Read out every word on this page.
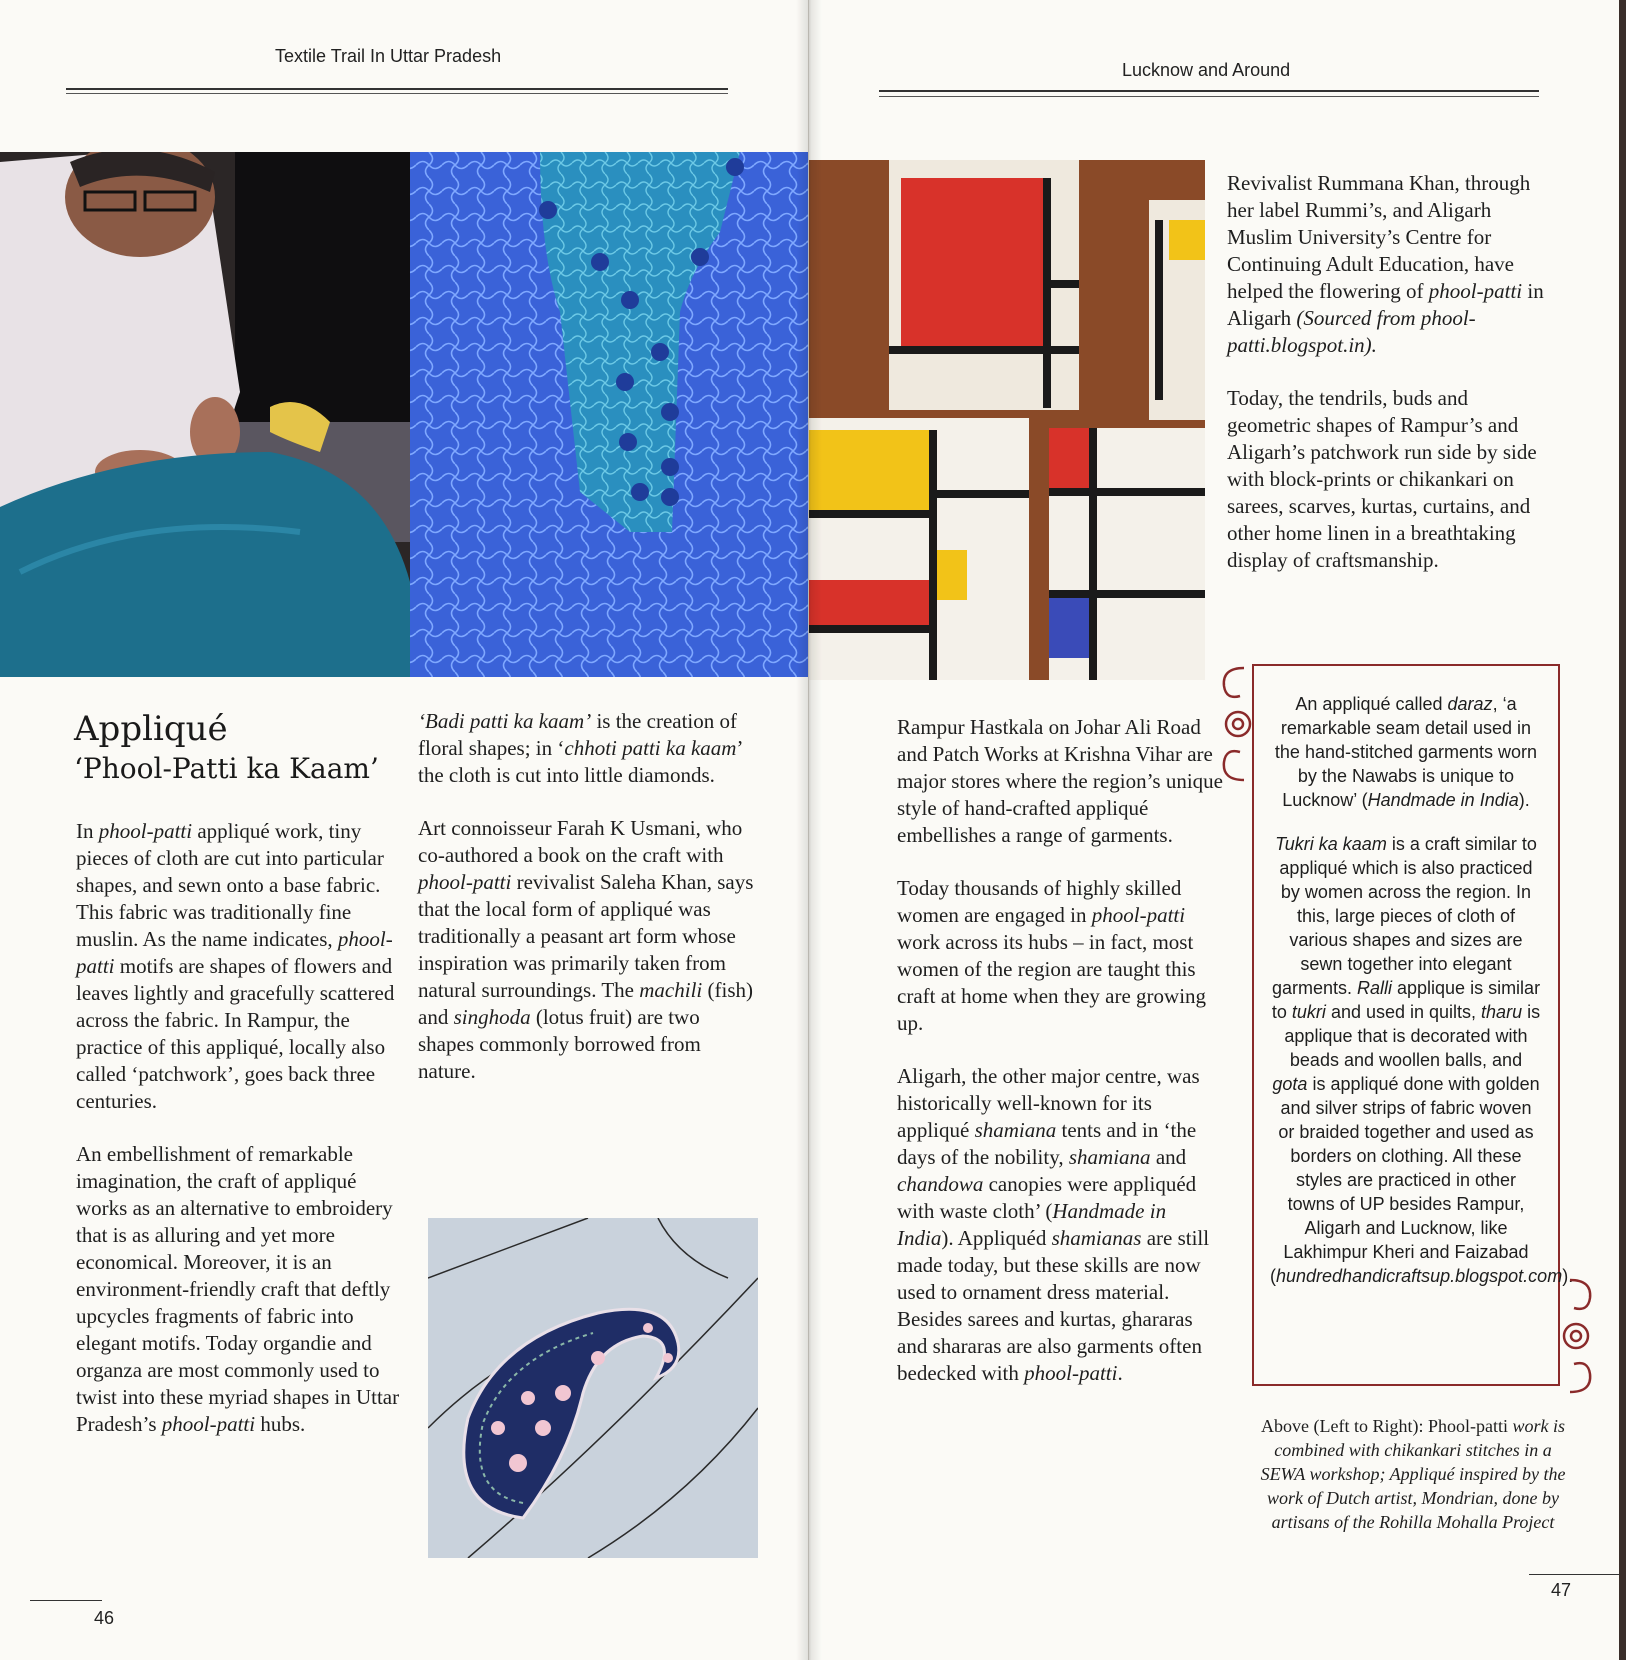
Textile Trail In Uttar Pradesh
Appliqué
‘Phool-Patti ka Kaam’

In phool-patti appliqué work, tiny pieces of cloth are cut into particular shapes, and sewn onto a base fabric. This fabric was traditionally fine muslin. As the name indicates, phool-patti motifs are shapes of flowers and leaves lightly and gracefully scattered across the fabric. In Rampur, the practice of this appliqué, locally also called ‘patchwork’, goes back three centuries.

An embellishment of remarkable imagination, the craft of appliqué works as an alternative to embroidery that is as alluring and yet more economical. Moreover, it is an environment-friendly craft that deftly upcycles fragments of fabric into elegant motifs. Today organdie and organza are most commonly used to twist into these myriad shapes in Uttar Pradesh’s phool-patti hubs.

‘Badi patti ka kaam’ is the creation of floral shapes; in ‘chhoti patti ka kaam’ the cloth is cut into little diamonds.

Art connoisseur Farah K Usmani, who co-authored a book on the craft with phool-patti revivalist Saleha Khan, says that the local form of appliqué was traditionally a peasant art form whose inspiration was primarily taken from natural surroundings. The machili (fish) and singhoda (lotus fruit) are two shapes commonly borrowed from nature.

46
Lucknow and Around

Revivalist Rummana Khan, through her label Rummi’s, and Aligarh Muslim University’s Centre for Continuing Adult Education, have helped the flowering of phool-patti in Aligarh (Sourced from phool-patti.blogspot.in).

Today, the tendrils, buds and geometric shapes of Rampur’s and Aligarh’s patchwork run side by side with block-prints or chikankari on sarees, scarves, kurtas, curtains, and other home linen in a breathtaking display of craftsmanship.

Rampur Hastkala on Johar Ali Road and Patch Works at Krishna Vihar are major stores where the region’s unique style of hand-crafted appliqué embellishes a range of garments.

Today thousands of highly skilled women are engaged in phool-patti work across its hubs – in fact, most women of the region are taught this craft at home when they are growing up.

Aligarh, the other major centre, was historically well-known for its appliqué shamiana tents and in ‘the days of the nobility, shamiana and chandowa canopies were appliquéd with waste cloth’ (Handmade in India). Appliquéd shamianas are still made today, but these skills are now used to ornament dress material. Besides sarees and kurtas, ghararas and shararas are also garments often bedecked with phool-patti.

47

An appliqué called daraz, ‘a remarkable seam detail used in the hand-stitched garments worn by the Nawabs is unique to Lucknow’ (Handmade in India).

Tukri ka kaam is a craft similar to appliqué which is also practiced by women across the region. In this, large pieces of cloth of various shapes and sizes are sewn together into elegant garments. Ralli applique is similar to tukri and used in quilts, tharu is applique that is decorated with beads and woollen balls, and gota is appliqué done with golden and silver strips of fabric woven or braided together and used as borders on clothing. All these styles are practiced in other towns of UP besides Rampur, Aligarh and Lucknow, like Lakhimpur Kheri and Faizabad (hundredhandicraftsup.blogspot.com).

Above (Left to Right): Phool-patti work is combined with chikankari stitches in a SEWA workshop; Appliqué inspired by the work of Dutch artist, Mondrian, done by artisans of the Rohilla Mohalla Project
